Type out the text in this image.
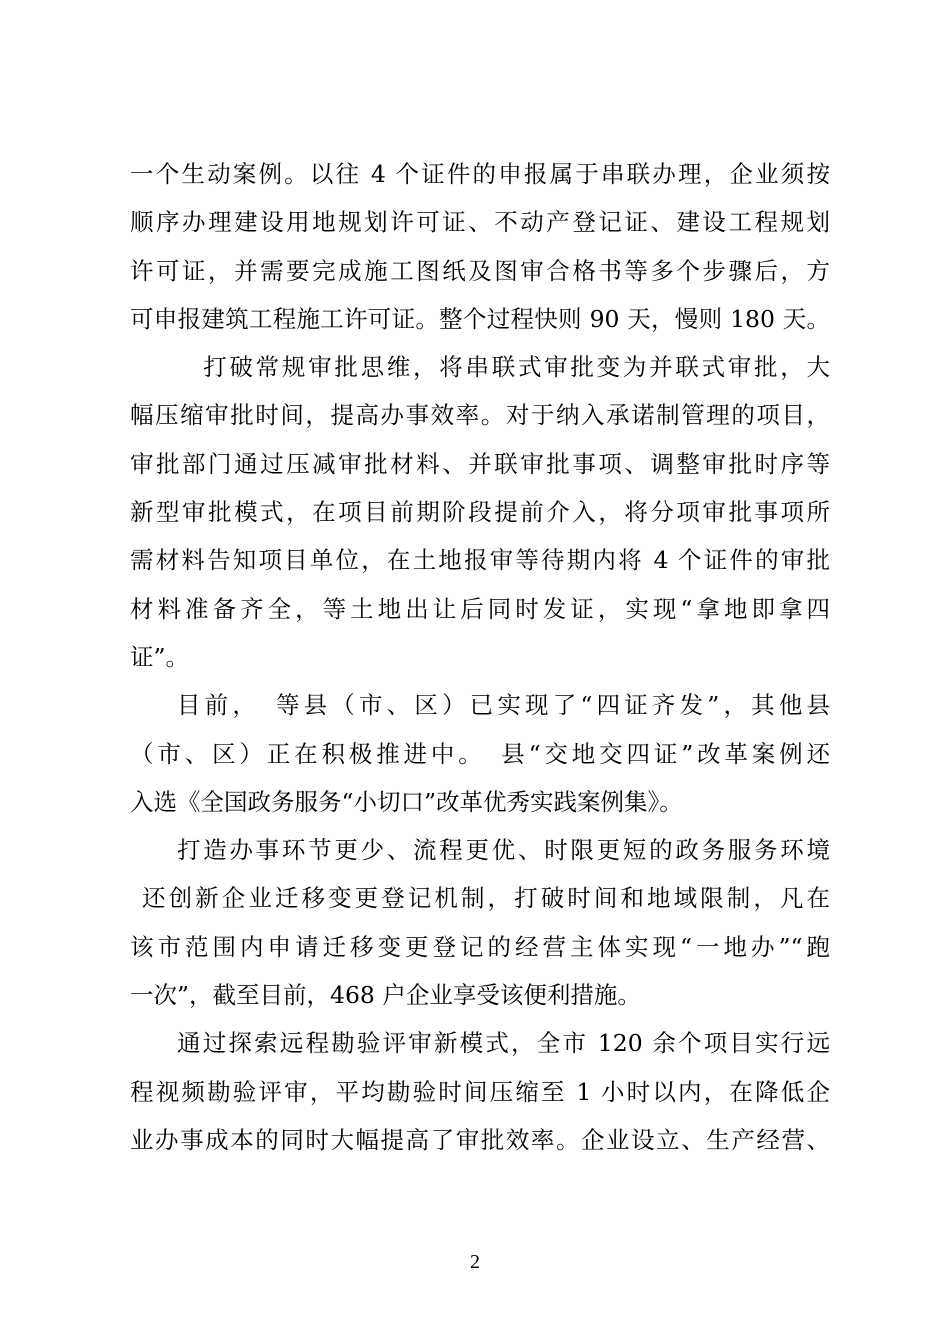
一个生动案例。以往 4 个证件的申报属于串联办理，企业须按
顺序办理建设用地规划许可证、不动产登记证、建设工程规划
许可证，并需要完成施工图纸及图审合格书等多个步骤后，方
可申报建筑工程施工许可证。整个过程快则 90 天，慢则 180 天。
　打破常规审批思维，将串联式审批变为并联式审批，大
幅压缩审批时间，提高办事效率。对于纳入承诺制管理的项目，
审批部门通过压减审批材料、并联审批事项、调整审批时序等
新型审批模式，在项目前期阶段提前介入，将分项审批事项所
需材料告知项目单位，在土地报审等待期内将 4 个证件的审批
材料准备齐全，等土地出让后同时发证，实现“拿地即拿四
证”。
目前，　等县（市、区）已实现了“四证齐发”，其他县
（市、区）正在积极推进中。　县“交地交四证”改革案例还
入选《全国政务服务“小切口”改革优秀实践案例集》。
打造办事环节更少、流程更优、时限更短的政务服务环境
还创新企业迁移变更登记机制，打破时间和地域限制，凡在
该市范围内申请迁移变更登记的经营主体实现“一地办”“跑
一次”，截至目前，468 户企业享受该便利措施。
通过探索远程勘验评审新模式，全市 120 余个项目实行远
程视频勘验评审，平均勘验时间压缩至 1 小时以内，在降低企
业办事成本的同时大幅提高了审批效率。企业设立、生产经营、
2
